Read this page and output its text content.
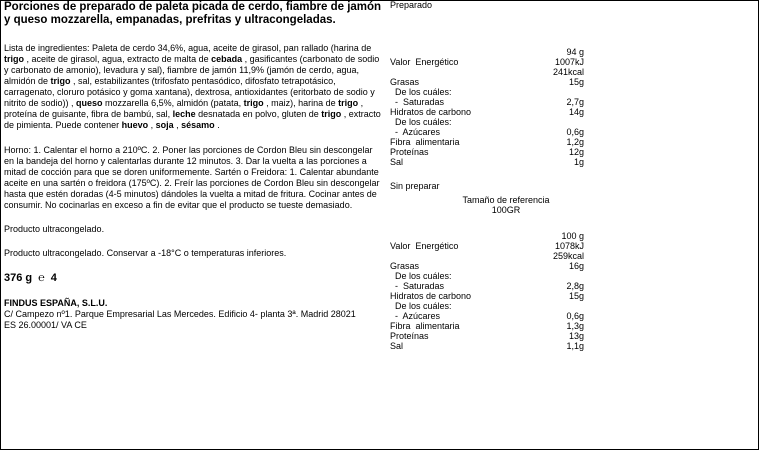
Porciones de preparado de paleta picada de cerdo, fiambre de jamón y queso mozzarella, empanadas, prefritas y ultracongeladas.
Lista de ingredientes: Paleta de cerdo 34,6%, agua, aceite de girasol, pan rallado (harina de trigo , aceite de girasol, agua, extracto de malta de cebada , gasificantes (carbonato de sodio y carbonato de amonio), levadura y sal), fiambre de jamón 11,9% (jamón de cerdo, agua, almidón de trigo , sal, estabilizantes (trifosfato pentasódico, difosfato tetrapotásico, carragenato, cloruro potásico y goma xantana), dextrosa, antioxidantes (eritorbato de sodio y nitrito de sodio)) , queso mozzarella 6,5%, almidón (patata, trigo , maiz), harina de trigo , proteína de guisante, fibra de bambú, sal, leche desnatada en polvo, gluten de trigo , extracto de pimienta. Puede contener huevo , soja , sésamo .
Horno: 1. Calentar el horno a 210ºC. 2. Poner las porciones de Cordon Bleu sin descongelar en la bandeja del horno y calentarlas durante 12 minutos. 3. Dar la vuelta a las porciones a mitad de cocción para que se doren uniformemente. Sartén o Freidora: 1. Calentar abundante aceite en una sartén o freidora (175ºC). 2. Freír las porciones de Cordon Bleu sin descongelar hasta que estén doradas (4-5 minutos) dándoles la vuelta a mitad de fritura. Cocinar antes de consumir. No cocinarlas en exceso a fin de evitar que el producto se tueste demasiado.
Producto ultracongelado.
Producto ultracongelado. Conservar a -18°C o temperaturas inferiores.
376 g ℮ 4
FINDUS ESPAÑA, S.L.U.
C/ Campezo nº1. Parque Empresarial Las Mercedes. Edificio 4- planta 3ª. Madrid 28021
ES 26.00001/ VA CE
Preparado
94 g
Valor  Energético	1007kJ
241kcal
Grasas	15g
De los cuáles:
-  Saturadas	2,7g
Hidratos de carbono	14g
De los cuáles:
-  Azúcares	0,6g
Fibra  alimentaria	1,2g
Proteínas	12g
Sal	1g
Sin preparar
Tamaño de referencia
100GR
100 g
Valor  Energético	1078kJ
259kcal
Grasas	16g
De los cuáles:
-  Saturadas	2,8g
Hidratos de carbono	15g
De los cuáles:
-  Azúcares	0,6g
Fibra  alimentaria	1,3g
Proteínas	13g
Sal	1,1g
